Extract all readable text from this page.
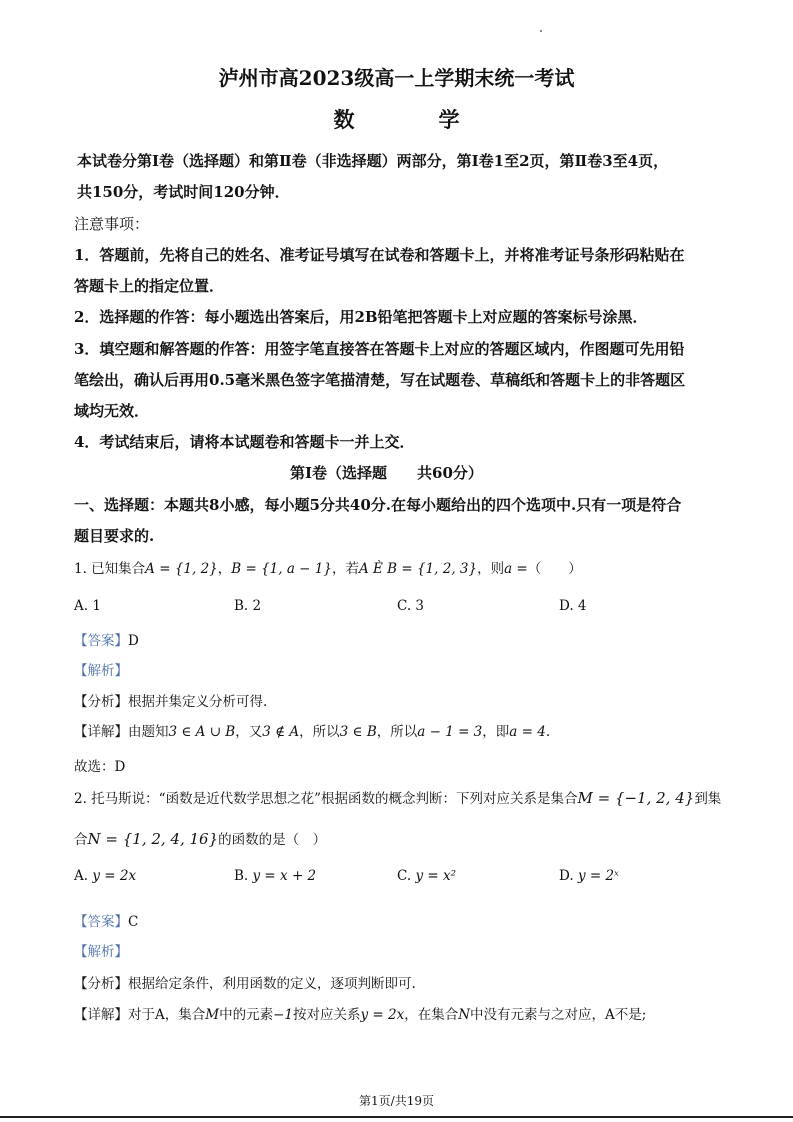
泸州市高2023级高一上学期末统一考试
数　　　　学
本试卷分第Ⅰ卷（选择题）和第Ⅱ卷（非选择题）两部分，第Ⅰ卷1至2页，第Ⅱ卷3至4页，
共150分，考试时间120分钟．
注意事项：
1．答题前，先将自己的姓名、准考证号填写在试卷和答题卡上，并将准考证号条形码粘贴在
答题卡上的指定位置．
2．选择题的作答：每小题选出答案后，用2B铅笔把答题卡上对应题的答案标号涂黑．
3．填空题和解答题的作答：用签字笔直接答在答题卡上对应的答题区域内，作图题可先用铅
笔绘出，确认后再用0.5毫米黑色签字笔描清楚，写在试题卷、草稿纸和答题卡上的非答题区
域均无效．
4．考试结束后，请将本试题卷和答题卡一并上交．
第Ⅰ卷（选择题　　共60分）
一、选择题：本题共8小感，每小题5分共40分.在每小题给出的四个选项中.只有一项是符合
题目要求的.
1. 已知集合A = {1, 2}，B = {1, a − 1}，若A È B = {1, 2, 3}，则a =（　　）
A. 1	B. 2	C. 3	D. 4
【答案】D
【解析】
【分析】根据并集定义分析可得.
【详解】由题知3 ∈ A ∪ B，又3 ∉ A，所以3 ∈ B，所以a − 1 = 3，即a = 4.
故选：D
2. 托马斯说：“函数是近代数学思想之花”根据函数的概念判断：下列对应关系是集合M = {−1, 2, 4}到集
合N = {1, 2, 4, 16}的函数的是（　）
A. y = 2x	B. y = x + 2	C. y = x²	D. y = 2ˣ
【答案】C
【解析】
【分析】根据给定条件，利用函数的定义，逐项判断即可.
【详解】对于A，集合M中的元素−1按对应关系y = 2x，在集合N中没有元素与之对应，A不是;
第1页/共19页
